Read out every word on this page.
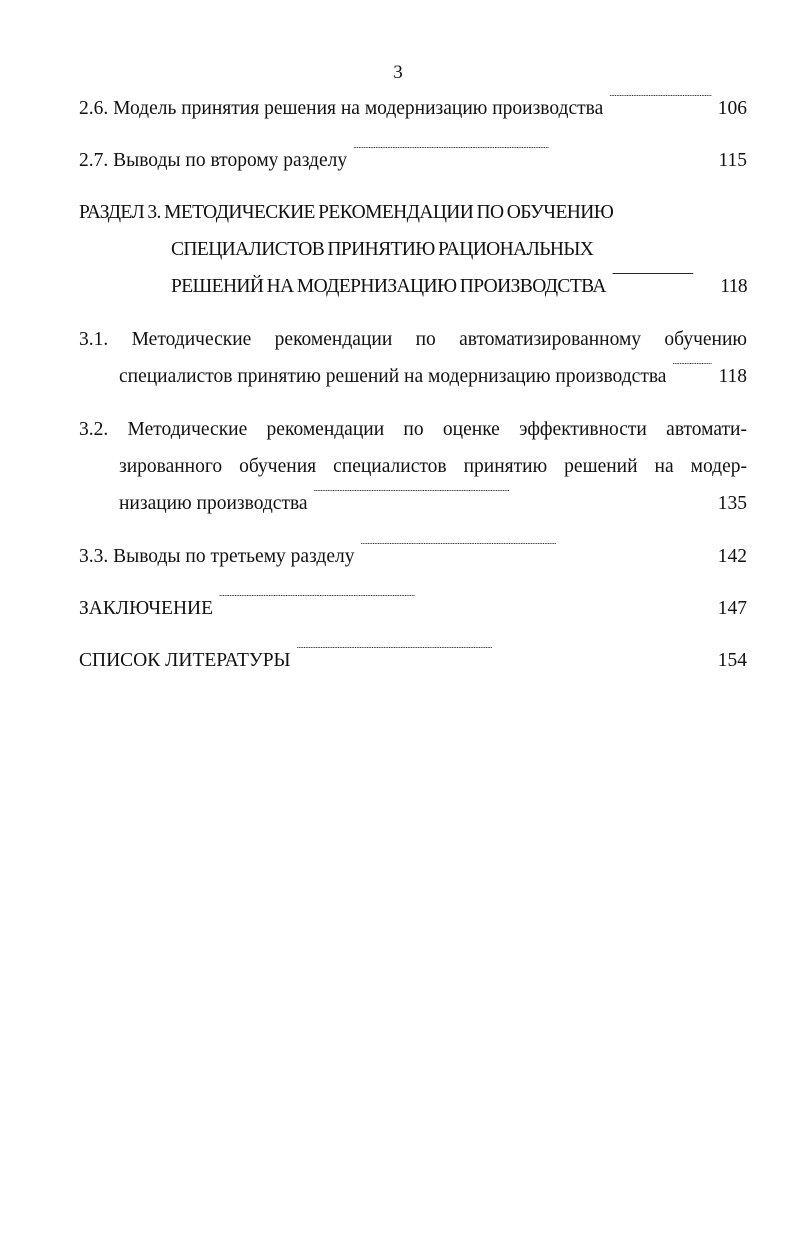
3
2.6. Модель принятия решения на модернизацию производства . . .	106
2.7. Выводы по второму разделу . . .	115
РАЗДЕЛ 3. МЕТОДИЧЕСКИЕ РЕКОМЕНДАЦИИ ПО ОБУЧЕНИЮ
СПЕЦИАЛИСТОВ ПРИНЯТИЮ РАЦИОНАЛЬНЫХ
РЕШЕНИЙ НА МОДЕРНИЗАЦИЮ ПРОИЗВОДСТВА . . .	118
3.1. Методические рекомендации по автоматизированному обучению
специалистов принятию решений на модернизацию производства . . .	118
3.2. Методические рекомендации по оценке эффективности автомати-
зированного обучения специалистов принятию решений на модер-
низацию производства . . .	135
3.3. Выводы по третьему разделу . . .	142
ЗАКЛЮЧЕНИЕ . . .	147
СПИСОК ЛИТЕРАТУРЫ . . .	154
